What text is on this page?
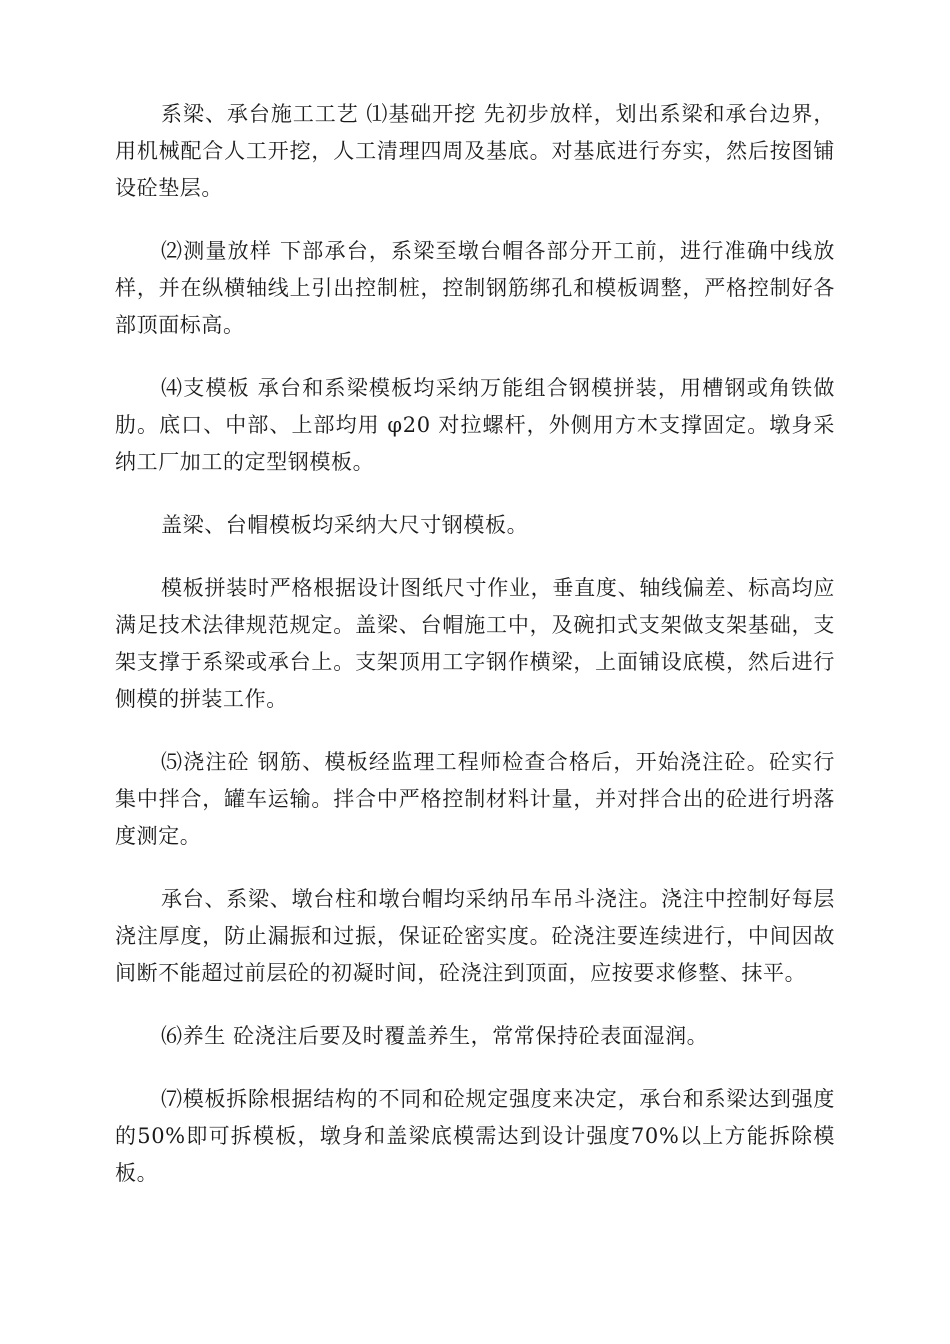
系梁、承台施工工艺 ⑴基础开挖 先初步放样，划出系梁和承台边界，用机械配合人工开挖，人工清理四周及基底。对基底进行夯实，然后按图铺设砼垫层。

⑵测量放样 下部承台，系梁至墩台帽各部分开工前，进行准确中线放样，并在纵横轴线上引出控制桩，控制钢筋绑孔和模板调整，严格控制好各部顶面标高。

⑷支模板 承台和系梁模板均采纳万能组合钢模拼装，用槽钢或角铁做肋。底口、中部、上部均用 φ20 对拉螺杆，外侧用方木支撑固定。墩身采纳工厂加工的定型钢模板。

盖梁、台帽模板均采纳大尺寸钢模板。

模板拼装时严格根据设计图纸尺寸作业，垂直度、轴线偏差、标高均应满足技术法律规范规定。盖梁、台帽施工中，及碗扣式支架做支架基础，支架支撑于系梁或承台上。支架顶用工字钢作横梁，上面铺设底模，然后进行侧模的拼装工作。

⑸浇注砼 钢筋、模板经监理工程师检查合格后，开始浇注砼。砼实行集中拌合，罐车运输。拌合中严格控制材料计量，并对拌合出的砼进行坍落度测定。

承台、系梁、墩台柱和墩台帽均采纳吊车吊斗浇注。浇注中控制好每层浇注厚度，防止漏振和过振，保证砼密实度。砼浇注要连续进行，中间因故间断不能超过前层砼的初凝时间，砼浇注到顶面，应按要求修整、抹平。

⑹养生 砼浇注后要及时覆盖养生，常常保持砼表面湿润。

⑺模板拆除根据结构的不同和砼规定强度来决定，承台和系梁达到强度的50%即可拆模板，墩身和盖梁底模需达到设计强度70%以上方能拆除模板。
